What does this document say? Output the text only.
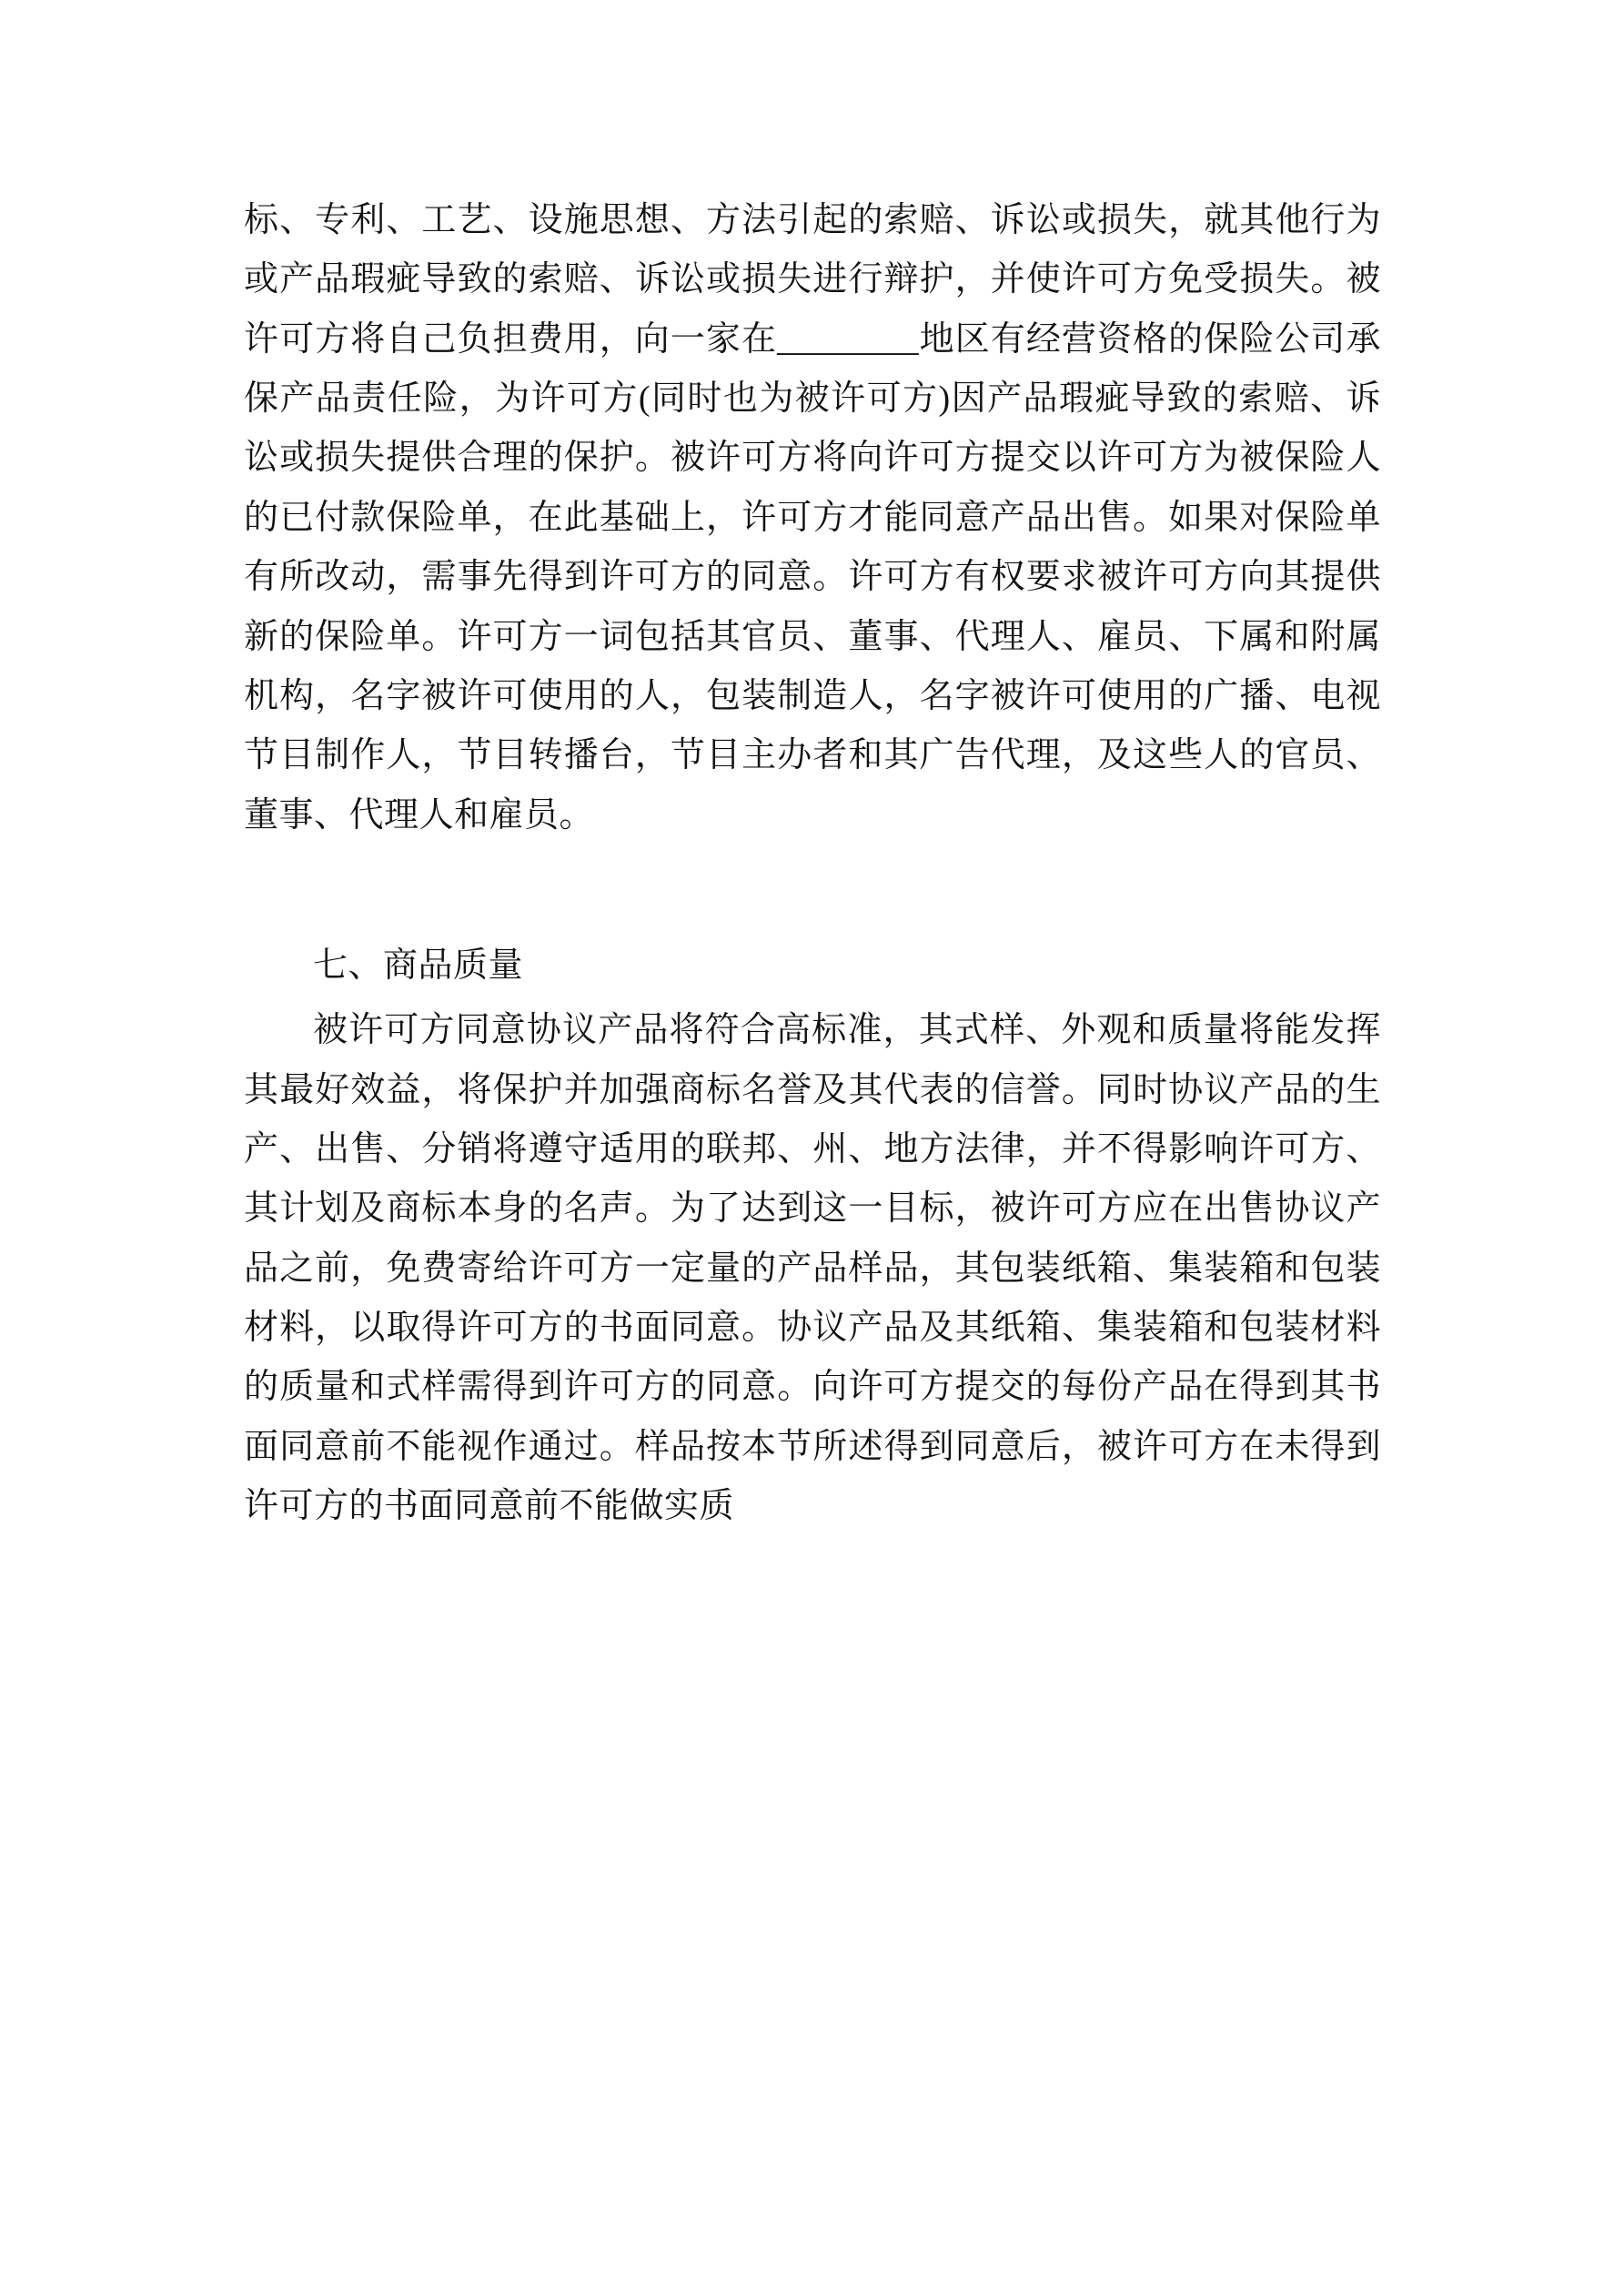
标、专利、工艺、设施思想、方法引起的索赔、诉讼或损失，就其他行为或产品瑕疵导致的索赔、诉讼或损失进行辩护，并使许可方免受损失。被许可方将自己负担费用，向一家在________地区有经营资格的保险公司承保产品责任险，为许可方(同时也为被许可方)因产品瑕疵导致的索赔、诉讼或损失提供合理的保护。被许可方将向许可方提交以许可方为被保险人的已付款保险单，在此基础上，许可方才能同意产品出售。如果对保险单有所改动，需事先得到许可方的同意。许可方有权要求被许可方向其提供新的保险单。许可方一词包括其官员、董事、代理人、雇员、下属和附属机构，名字被许可使用的人，包装制造人，名字被许可使用的广播、电视节目制作人，节目转播台，节目主办者和其广告代理，及这些人的官员、董事、代理人和雇员。

七、商品质量

被许可方同意协议产品将符合高标准，其式样、外观和质量将能发挥其最好效益，将保护并加强商标名誉及其代表的信誉。同时协议产品的生产、出售、分销将遵守适用的联邦、州、地方法律，并不得影响许可方、其计划及商标本身的名声。为了达到这一目标，被许可方应在出售协议产品之前，免费寄给许可方一定量的产品样品，其包装纸箱、集装箱和包装材料，以取得许可方的书面同意。协议产品及其纸箱、集装箱和包装材料的质量和式样需得到许可方的同意。向许可方提交的每份产品在得到其书面同意前不能视作通过。样品按本节所述得到同意后，被许可方在未得到许可方的书面同意前不能做实质
